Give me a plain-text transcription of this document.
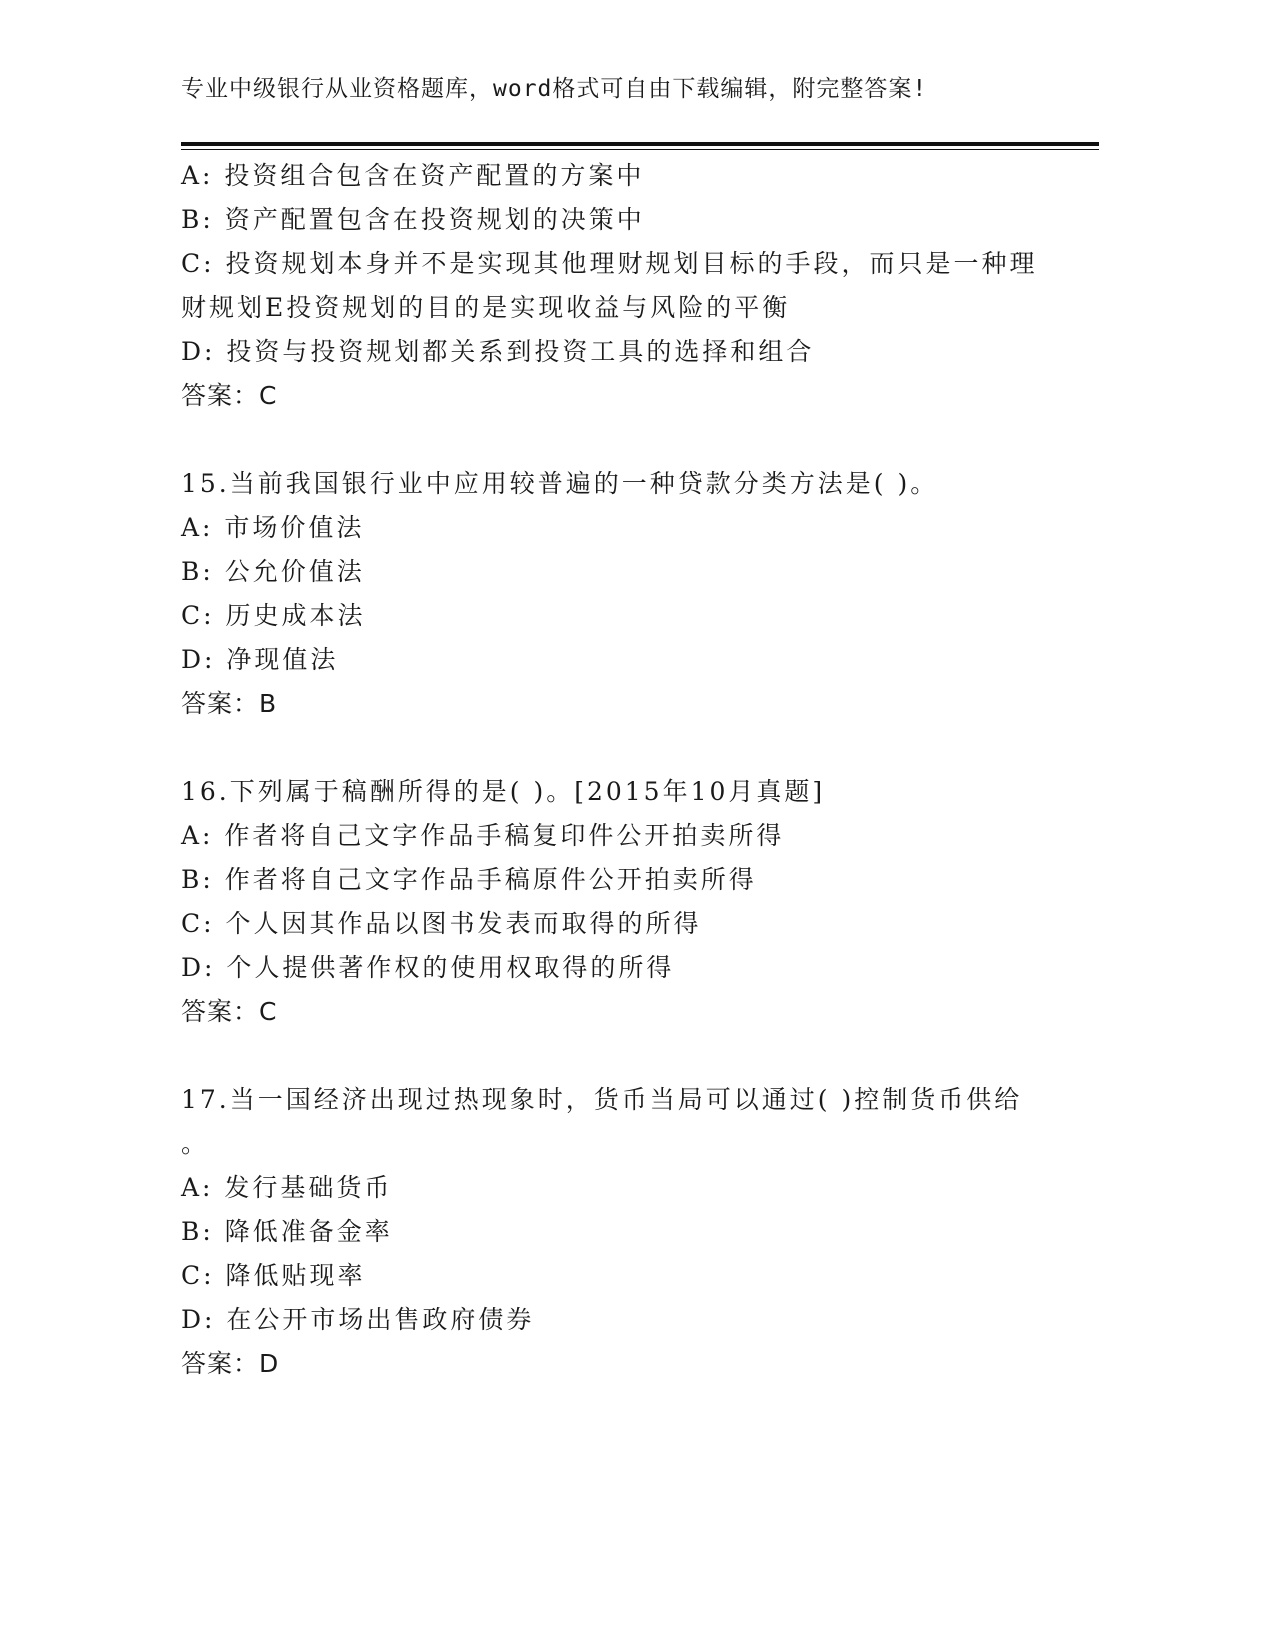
专业中级银行从业资格题库，word格式可自由下载编辑，附完整答案!
A: 投资组合包含在资产配置的方案中
B: 资产配置包含在投资规划的决策中
C: 投资规划本身并不是实现其他理财规划目标的手段，而只是一种理
财规划E投资规划的目的是实现收益与风险的平衡
D: 投资与投资规划都关系到投资工具的选择和组合
答案：C
15.当前我国银行业中应用较普遍的一种贷款分类方法是( )。
A: 市场价值法
B: 公允价值法
C: 历史成本法
D: 净现值法
答案：B
16.下列属于稿酬所得的是( )。[2015年10月真题]
A: 作者将自己文字作品手稿复印件公开拍卖所得
B: 作者将自己文字作品手稿原件公开拍卖所得
C: 个人因其作品以图书发表而取得的所得
D: 个人提供著作权的使用权取得的所得
答案：C
17.当一国经济出现过热现象时，货币当局可以通过( )控制货币供给
。
A: 发行基础货币
B: 降低准备金率
C: 降低贴现率
D: 在公开市场出售政府债券
答案：D
